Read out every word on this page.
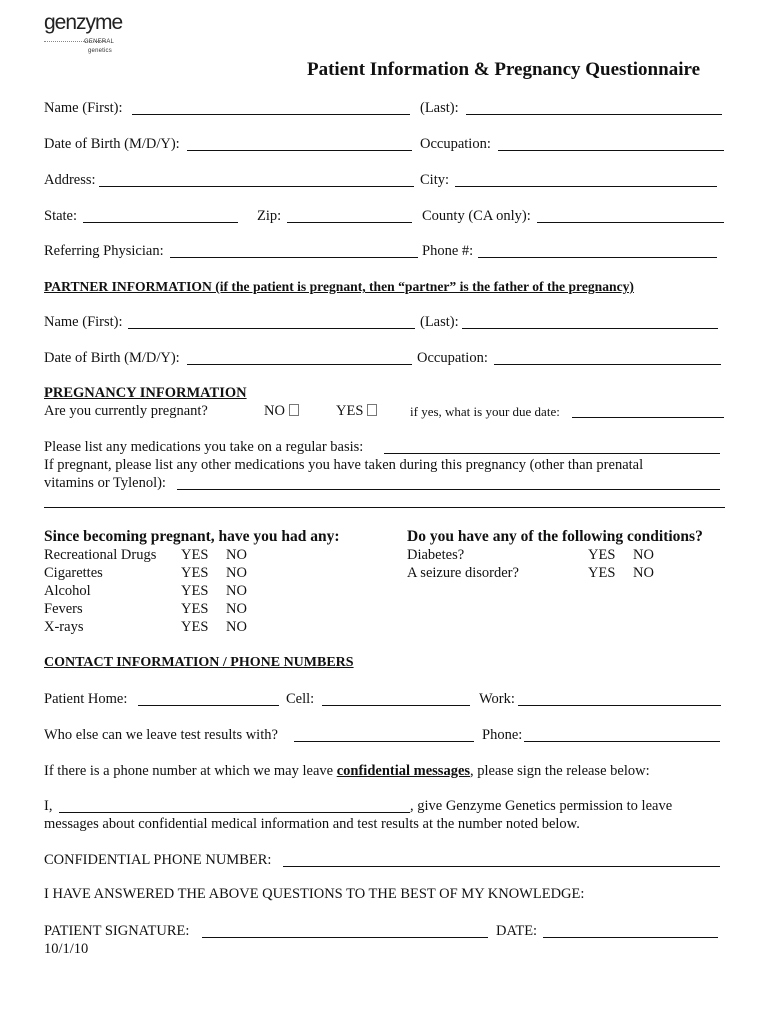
genzyme
GENERAL
genetics
Patient Information & Pregnancy Questionnaire
Name (First):	(Last):
Date of Birth (M/D/Y):	Occupation:
Address:	City:
State:	Zip:	County (CA only):
Referring Physician:	Phone #:
PARTNER INFORMATION (if the patient is pregnant, then “partner” is the father of the pregnancy)
Name (First):	(Last):
Date of Birth (M/D/Y):	Occupation:
PREGNANCY INFORMATION
Are you currently pregnant?	NO	YES	if yes, what is your due date:
Please list any medications you take on a regular basis:
If pregnant, please list any other medications you have taken during this pregnancy (other than prenatal
vitamins or Tylenol):
Since becoming pregnant, have you had any:
Recreational Drugs YES NO
Cigarettes	YES NO
Alcohol	YES NO
Fevers	YES NO
X-rays	YES NO
Do you have any of the following conditions?
Diabetes?	YES NO
A seizure disorder?	YES NO
CONTACT INFORMATION / PHONE NUMBERS
Patient Home:	Cell:	Work:
Who else can we leave test results with?	Phone:
If there is a phone number at which we may leave confidential messages, please sign the release below:
I,	, give Genzyme Genetics permission to leave
messages about confidential medical information and test results at the number noted below.
CONFIDENTIAL PHONE NUMBER:
I HAVE ANSWERED THE ABOVE QUESTIONS TO THE BEST OF MY KNOWLEDGE:
PATIENT SIGNATURE:	DATE:
10/1/10
